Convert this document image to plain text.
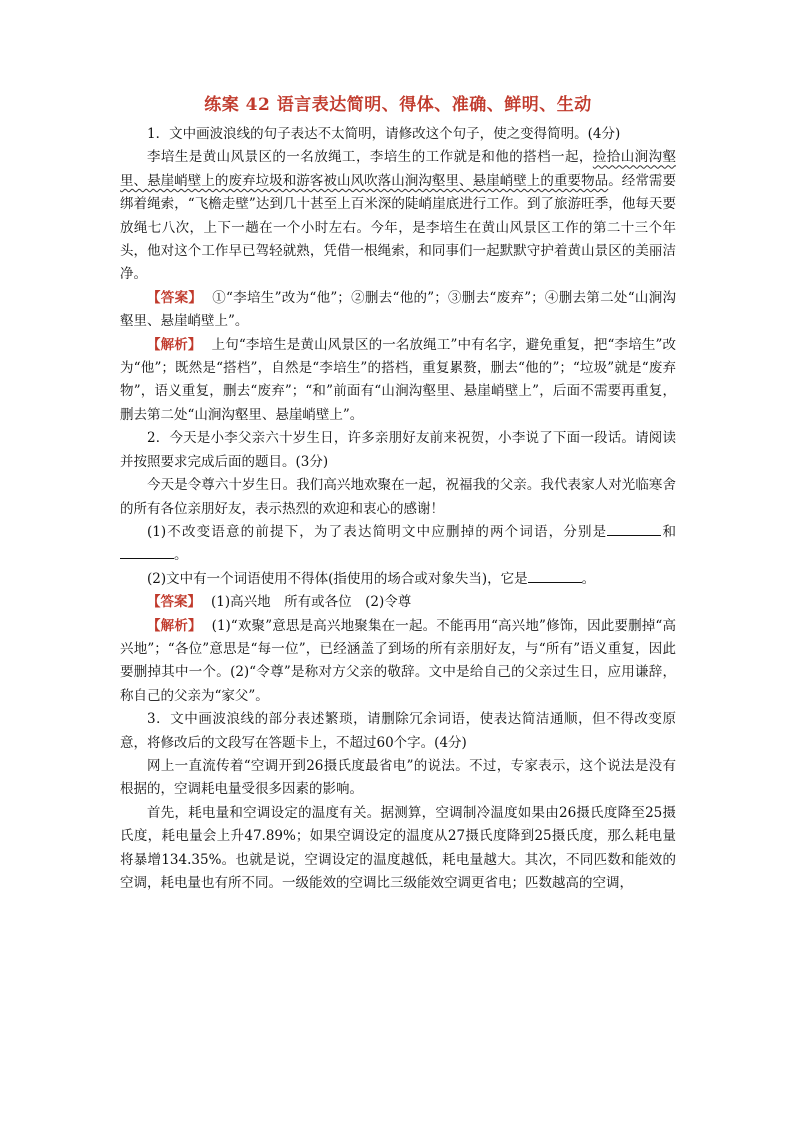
练案 42 语言表达简明、得体、准确、鲜明、生动

1．文中画波浪线的句子表达不太简明，请修改这个句子，使之变得简明。(4分)

李培生是黄山风景区的一名放绳工，李培生的工作就是和他的搭档一起，捡拾山涧沟壑里、悬崖峭壁上的废弃垃圾和游客被山风吹落山涧沟壑里、悬崖峭壁上的重要物品。经常需要绑着绳索，“飞檐走壁”达到几十甚至上百米深的陡峭崖底进行工作。到了旅游旺季，他每天要放绳七八次，上下一趟在一个小时左右。今年，是李培生在黄山风景区工作的第二十三个年头，他对这个工作早已驾轻就熟，凭借一根绳索，和同事们一起默默守护着黄山景区的美丽洁净。

【答案】 ①“李培生”改为“他”；②删去“他的”；③删去“废弃”；④删去第二处“山涧沟壑里、悬崖峭壁上”。

【解析】 上句“李培生是黄山风景区的一名放绳工”中有名字，避免重复，把“李培生”改为“他”；既然是“搭档”，自然是“李培生”的搭档，重复累赘，删去“他的”；“垃圾”就是“废弃物”，语义重复，删去“废弃”；“和”前面有“山涧沟壑里、悬崖峭壁上”，后面不需要再重复，删去第二处“山涧沟壑里、悬崖峭壁上”。

2．今天是小李父亲六十岁生日，许多亲朋好友前来祝贺，小李说了下面一段话。请阅读并按照要求完成后面的题目。(3分)

今天是令尊六十岁生日。我们高兴地欢聚在一起，祝福我的父亲。我代表家人对光临寒舍的所有各位亲朋好友，表示热烈的欢迎和衷心的感谢！

(1)不改变语意的前提下，为了表达简明文中应删掉的两个词语，分别是	和。

(2)文中有一个词语使用不得体(指使用的场合或对象失当)，它是	。

【答案】 (1)高兴地　所有或各位　(2)令尊

【解析】 (1)“欢聚”意思是高兴地聚集在一起。不能再用“高兴地”修饰，因此要删掉“高兴地”；“各位”意思是“每一位”，已经涵盖了到场的所有亲朋好友，与“所有”语义重复，因此要删掉其中一个。(2)“令尊”是称对方父亲的敬辞。文中是给自己的父亲过生日，应用谦辞，称自己的父亲为“家父”。

3．文中画波浪线的部分表述繁琐，请删除冗余词语，使表达简洁通顺，但不得改变原意，将修改后的文段写在答题卡上，不超过60个字。(4分)

网上一直流传着“空调开到26摄氏度最省电”的说法。不过，专家表示，这个说法是没有根据的，空调耗电量受很多因素的影响。

首先，耗电量和空调设定的温度有关。据测算，空调制冷温度如果由26摄氏度降至25摄氏度，耗电量会上升47.89%；如果空调设定的温度从27摄氏度降到25摄氏度，那么耗电量将暴增134.35%。也就是说，空调设定的温度越低，耗电量越大。其次，不同匹数和能效的空调，耗电量也有所不同。一级能效的空调比三级能效空调更省电；匹数越高的空调，
